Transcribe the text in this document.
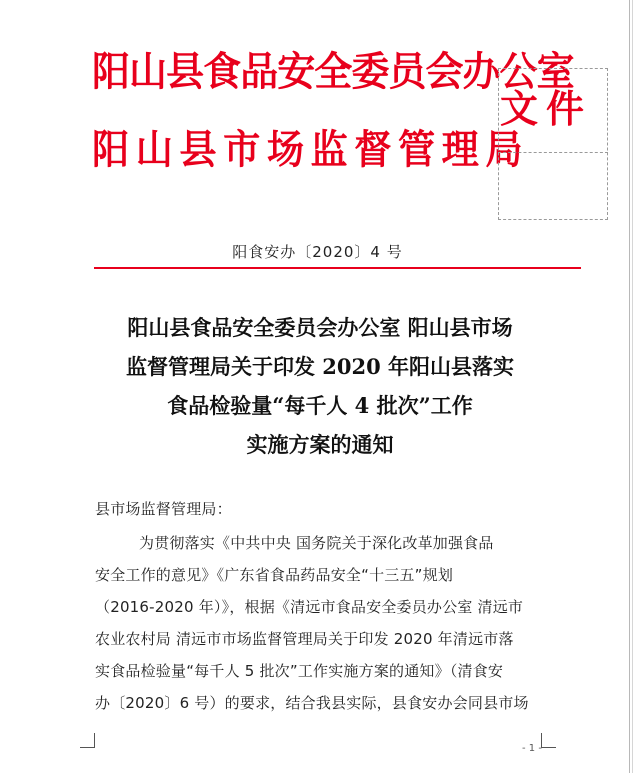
阳山县食品安全委员会办公室
阳山县市场监督管理局
文件
阳食安办〔2020〕4 号
阳山县食品安全委员会办公室 阳山县市场
监督管理局关于印发 2020 年阳山县落实
食品检验量“每千人 4 批次”工作
实施方案的通知
县市场监督管理局：
为贯彻落实《中共中央 国务院关于深化改革加强食品
安全工作的意见》《广东省食品药品安全“十三五”规划
（2016-2020 年）》，根据《清远市食品安全委员办公室 清远市
农业农村局 清远市市场监督管理局关于印发 2020 年清远市落
实食品检验量“每千人 5 批次”工作实施方案的通知》（清食安
办〔2020〕6 号）的要求，结合我县实际，县食安办会同县市场
- 1 -
